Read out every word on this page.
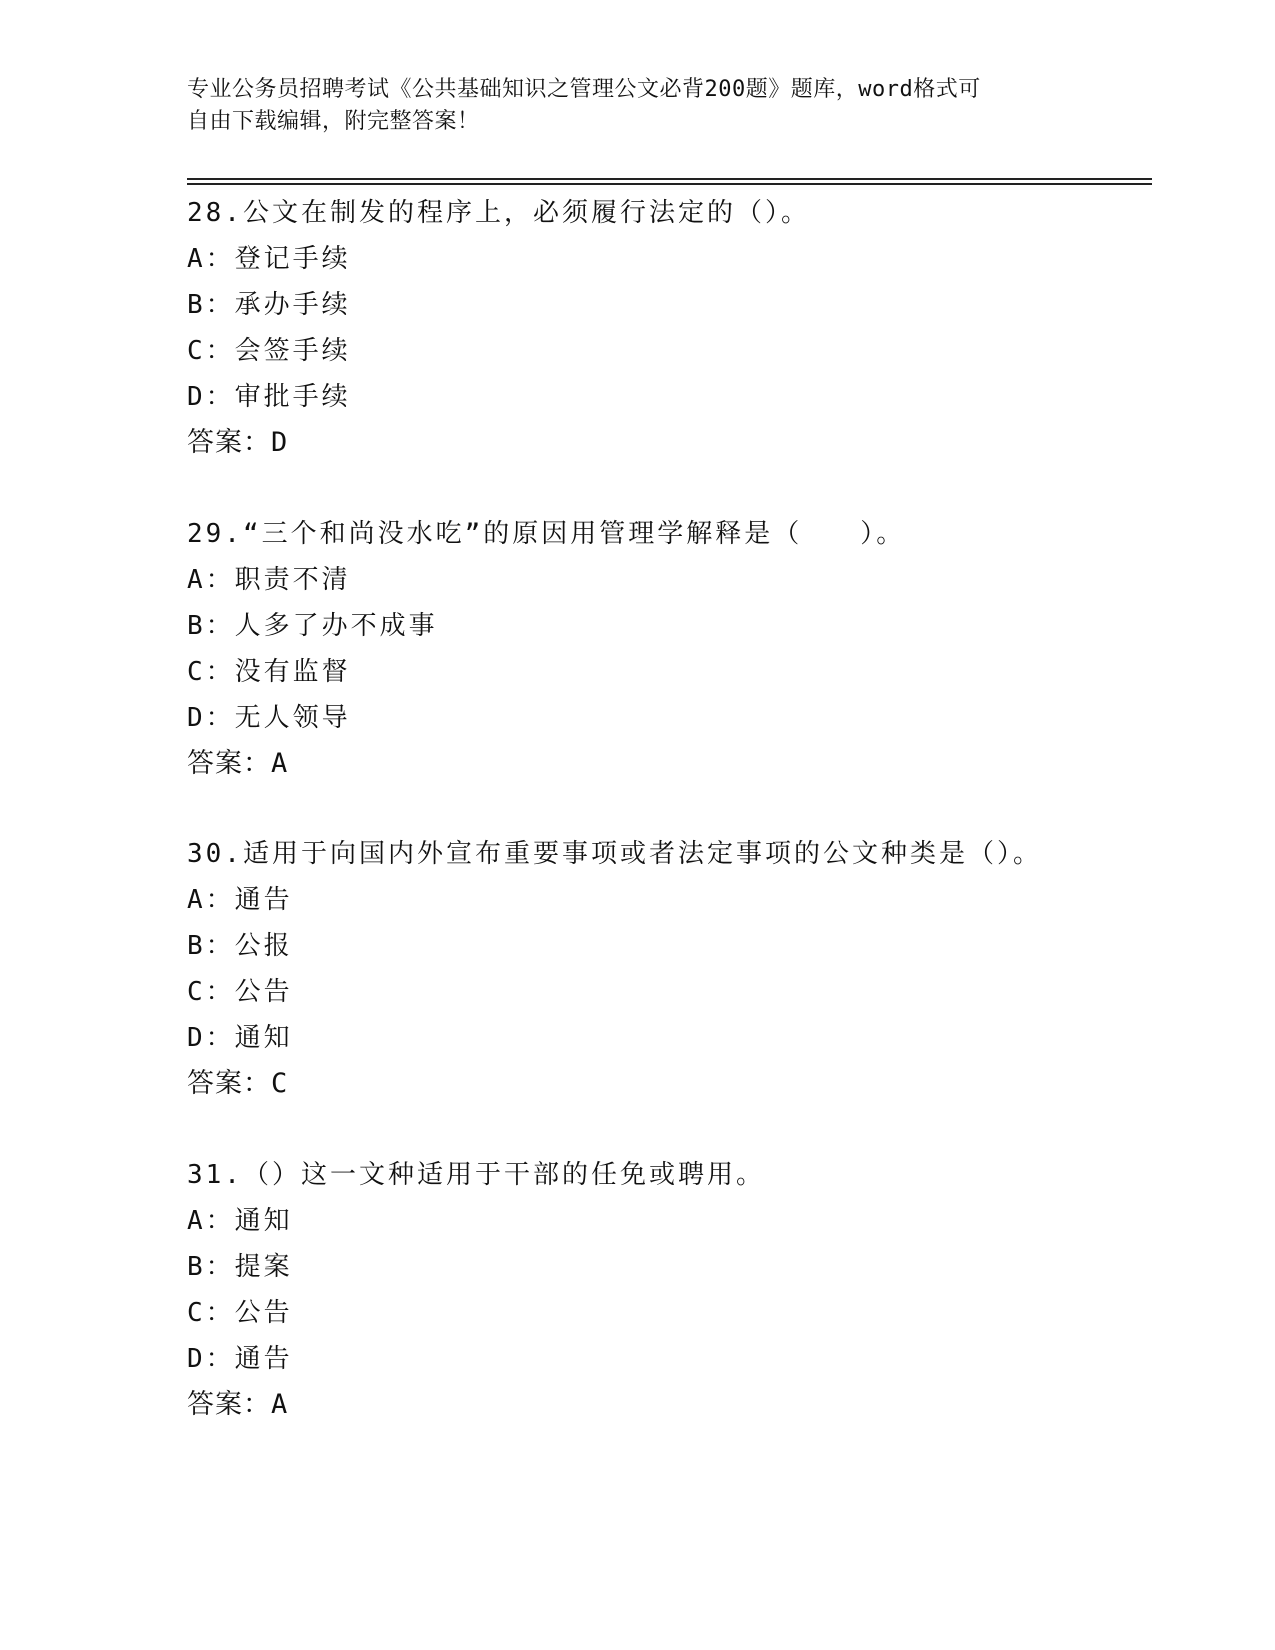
专业公务员招聘考试《公共基础知识之管理公文必背200题》题库，word格式可
自由下载编辑，附完整答案！
28.公文在制发的程序上，必须履行法定的（）。
A：登记手续
B：承办手续
C：会签手续
D：审批手续
答案：D
29.“三个和尚没水吃”的原因用管理学解释是（　　）。
A：职责不清
B：人多了办不成事
C：没有监督
D：无人领导
答案：A
30.适用于向国内外宣布重要事项或者法定事项的公文种类是（）。
A：通告
B：公报
C：公告
D：通知
答案：C
31.（）这一文种适用于干部的任免或聘用。
A：通知
B：提案
C：公告
D：通告
答案：A
